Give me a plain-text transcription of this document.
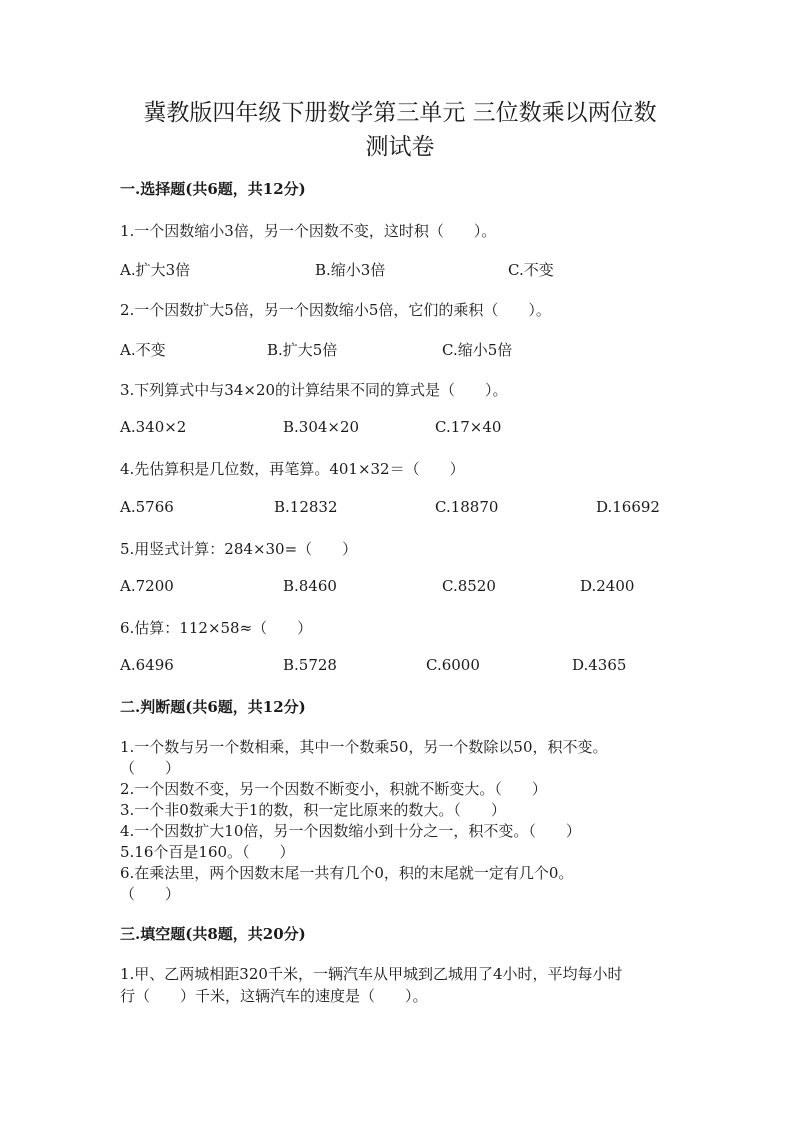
冀教版四年级下册数学第三单元 三位数乘以两位数
测试卷
一.选择题(共6题，共12分)
1.一个因数缩小3倍，另一个因数不变，这时积（　　）。
A.扩大3倍	B.缩小3倍	C.不变
2.一个因数扩大5倍，另一个因数缩小5倍，它们的乘积（　　）。
A.不变	B.扩大5倍	C.缩小5倍
3.下列算式中与34×20的计算结果不同的算式是（　　）。
A.340×2	B.304×20	C.17×40
4.先估算积是几位数，再笔算。401×32＝（　　）
A.5766	B.12832	C.18870	D.16692
5.用竖式计算：284×30=（　　）
A.7200	B.8460	C.8520	D.2400
6.估算：112×58≈（　　）
A.6496	B.5728	C.6000	D.4365
二.判断题(共6题，共12分)
1.一个数与另一个数相乘，其中一个数乘50，另一个数除以50，积不变。
（　　）
2.一个因数不变，另一个因数不断变小，积就不断变大。（　　）
3.一个非0数乘大于1的数，积一定比原来的数大。（　　）
4.一个因数扩大10倍，另一个因数缩小到十分之一，积不变。（　　）
5.16个百是160。（　　）
6.在乘法里，两个因数末尾一共有几个0，积的末尾就一定有几个0。
（　　）
三.填空题(共8题，共20分)
1.甲、乙两城相距320千米，一辆汽车从甲城到乙城用了4小时，平均每小时
行（　　）千米，这辆汽车的速度是（　　）。
